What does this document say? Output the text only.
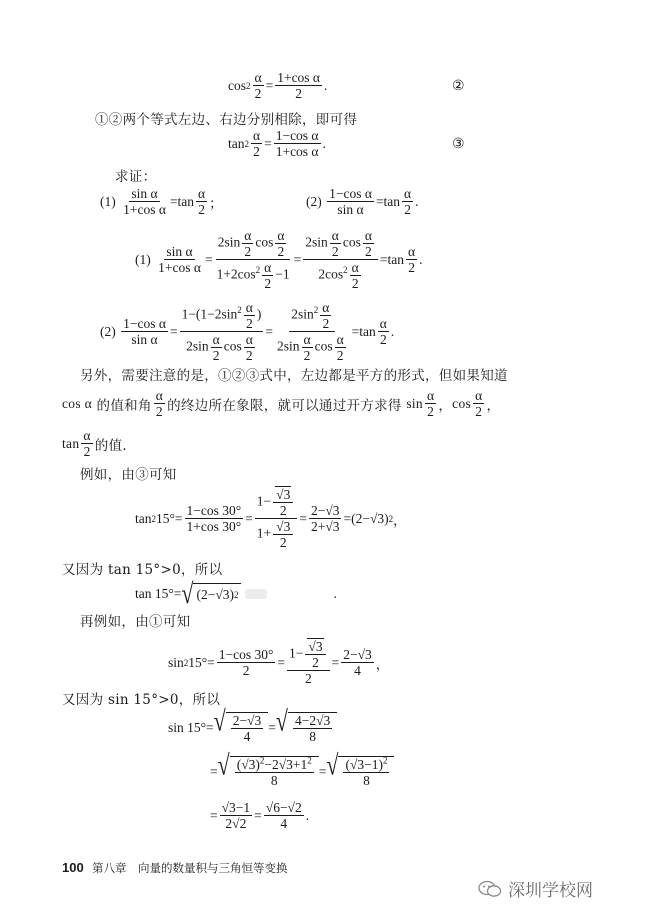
cos 2
α
2
= 1+cos α
2
.	②
①②两个等式左边、右边分别相除，即可得
tan 2
α
2
= 1−cos α
1+cos α
.	③
求证：
(1)
sin α
1+cos α
=tan α
2 ；	(2)
1−cos α
sin α
=tan α
2
.
(1) sin α
1+cos α
=
$2\sin \frac{\alpha}{2}$ $\cos \frac{\alpha}{2}$
$1+2\cos^2 \frac{\alpha}{2} -1$
=
$2\sin \frac{\alpha}{2}$ $\cos \frac{\alpha}{2}$
$2\cos^2 \frac{\alpha}{2}$
=tan α
2
.
(2) 1−cos α
sin α
=
$1-(1-2\sin^2 \frac{\alpha}{2}$ )
$2\sin \frac{\alpha}{2}$ $\cos \frac{\alpha}{2}$
=
$2\sin^2 \frac{\alpha}{2}$
$2\sin \frac{\alpha}{2}$ $\cos \frac{\alpha}{2}$
=tan α
2
.
另外，需要注意的是，①②③式中，左边都是平方的形式，但如果知道
cos α
的值和角
α
2 的终边所在象限，就可以通过开方求得
sin α
2 ， cos α
2 ，
tan α
2 的值.
例如，由③可知
tan 2 15°= 1−cos 30°
1+cos 30°
=
$1- \frac{√3}{2}$
$1+ \frac{√3}{2}$
= 2−√3
2+√3
=(2−√3) 2 ，
又因为 tan 15°>0，所以
tan 15°= √ (2−√3) 2	.
再例如，由①可知
sin 2 15°= 1−cos 30°
2
=
$1- \frac{√3}{2}$
2
= 2−√3
4 ，
又因为 sin 15°>0，所以
sin 15°= √ 2−√3
4
= √ 4−2√3
8
= √ $(√3)^2-2√3+1^2$
8
= √ $(√3-1)^2$
8
= √3−1
2√2
= √6−√2
4
.
100 第八章　向量的数量积与三角恒等变换
深圳学校网
